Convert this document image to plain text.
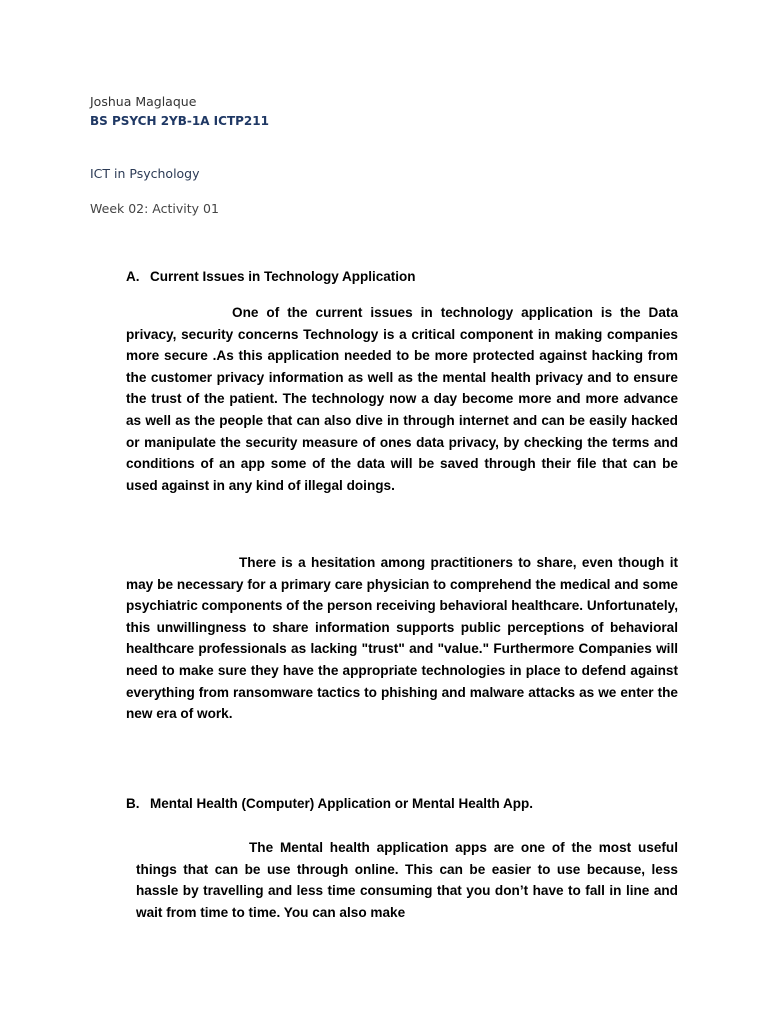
Joshua Maglaque
BS PSYCH 2YB-1A ICTP211
ICT in Psychology
Week 02: Activity 01
A. Current Issues in Technology Application

One of the current issues in technology application is the Data privacy, security concerns Technology is a critical component in making companies more secure .As this application needed to be more protected against hacking from the customer privacy information as well as the mental health privacy and to ensure the trust of the patient. The technology now a day become more and more advance as well as the people that can also dive in through internet and can be easily hacked or manipulate the security measure of ones data privacy, by checking the terms and conditions of an app some of the data will be saved through their file that can be used against in any kind of illegal doings.

There is a hesitation among practitioners to share, even though it may be necessary for a primary care physician to comprehend the medical and some psychiatric components of the person receiving behavioral healthcare. Unfortunately, this unwillingness to share information supports public perceptions of behavioral healthcare professionals as lacking "trust" and "value." Furthermore Companies will need to make sure they have the appropriate technologies in place to defend against everything from ransomware tactics to phishing and malware attacks as we enter the new era of work.

B. Mental Health (Computer) Application or Mental Health App.

The Mental health application apps are one of the most useful things that can be use through online. This can be easier to use because, less hassle by travelling and less time consuming that you don’t have to fall in line and wait from time to time. You can also make
